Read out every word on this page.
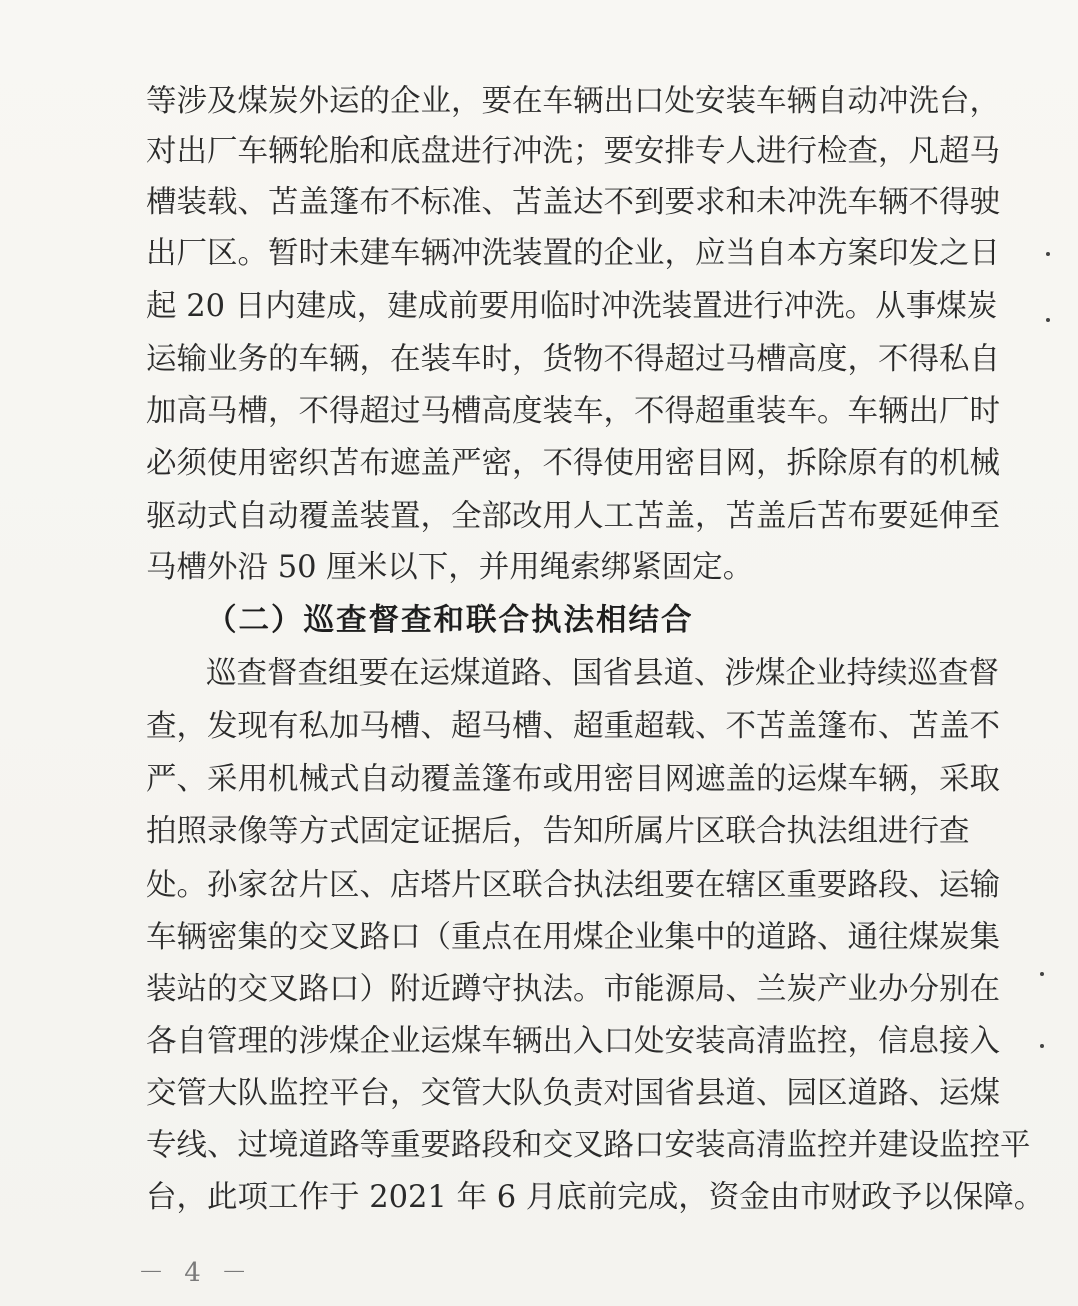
等涉及煤炭外运的企业，要在车辆出口处安装车辆自动冲洗台，
对出厂车辆轮胎和底盘进行冲洗；要安排专人进行检查，凡超马
槽装载、苫盖篷布不标准、苫盖达不到要求和未冲洗车辆不得驶
出厂区。暂时未建车辆冲洗装置的企业，应当自本方案印发之日
起 20 日内建成，建成前要用临时冲洗装置进行冲洗。从事煤炭
运输业务的车辆，在装车时，货物不得超过马槽高度，不得私自
加高马槽，不得超过马槽高度装车，不得超重装车。车辆出厂时
必须使用密织苫布遮盖严密，不得使用密目网，拆除原有的机械
驱动式自动覆盖装置，全部改用人工苫盖，苫盖后苫布要延伸至
马槽外沿 50 厘米以下，并用绳索绑紧固定。
（二）巡查督查和联合执法相结合
巡查督查组要在运煤道路、国省县道、涉煤企业持续巡查督
查，发现有私加马槽、超马槽、超重超载、不苫盖篷布、苫盖不
严、采用机械式自动覆盖篷布或用密目网遮盖的运煤车辆，采取
拍照录像等方式固定证据后，告知所属片区联合执法组进行查
处。孙家岔片区、店塔片区联合执法组要在辖区重要路段、运输
车辆密集的交叉路口（重点在用煤企业集中的道路、通往煤炭集
装站的交叉路口）附近蹲守执法。市能源局、兰炭产业办分别在
各自管理的涉煤企业运煤车辆出入口处安装高清监控，信息接入
交管大队监控平台，交管大队负责对国省县道、园区道路、运煤
专线、过境道路等重要路段和交叉路口安装高清监控并建设监控平
台，此项工作于 2021 年 6 月底前完成，资金由市财政予以保障。
－ 4 －
